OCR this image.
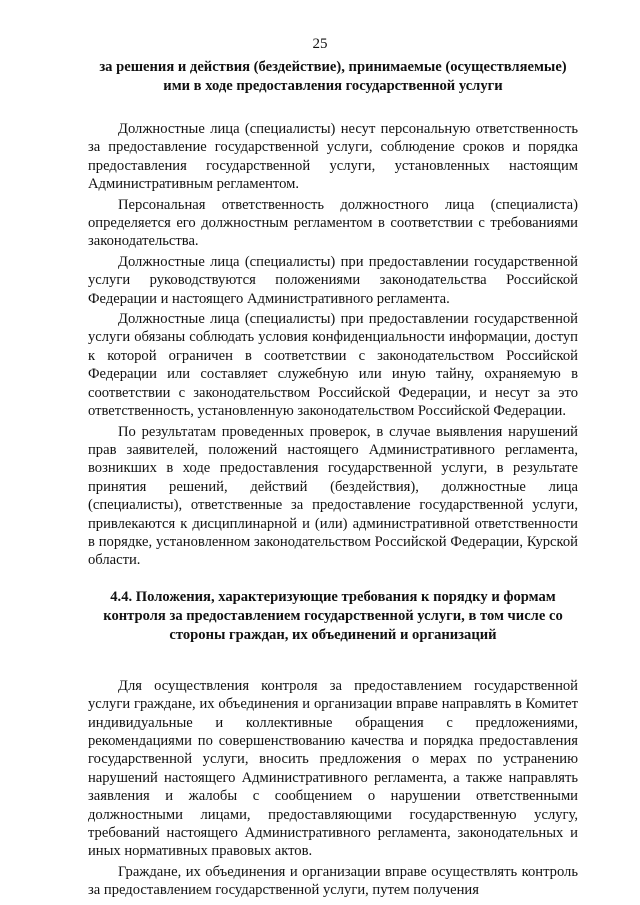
25

за решения и действия (бездействие), принимаемые (осуществляемые) ими в ходе предоставления государственной услуги

Должностные лица (специалисты) несут персональную ответственность за предоставление государственной услуги, соблюдение сроков и порядка предоставления государственной услуги, установленных настоящим Административным регламентом.

Персональная ответственность должностного лица (специалиста) определяется его должностным регламентом в соответствии с требованиями законодательства.

Должностные лица (специалисты) при предоставлении государственной услуги руководствуются положениями законодательства Российской Федерации и настоящего Административного регламента.

Должностные лица (специалисты) при предоставлении государственной услуги обязаны соблюдать условия конфиденциальности информации, доступ к которой ограничен в соответствии с законодательством Российской Федерации или составляет служебную или иную тайну, охраняемую в соответствии с законодательством Российской Федерации, и несут за это ответственность, установленную законодательством Российской Федерации.

По результатам проведенных проверок, в случае выявления нарушений прав заявителей, положений настоящего Административного регламента, возникших в ходе предоставления государственной услуги, в результате принятия решений, действий (бездействия), должностные лица (специалисты), ответственные за предоставление государственной услуги, привлекаются к дисциплинарной и (или) административной ответственности в порядке, установленном законодательством Российской Федерации, Курской области.

4.4. Положения, характеризующие требования к порядку и формам контроля за предоставлением государственной услуги, в том числе со стороны граждан, их объединений и организаций

Для осуществления контроля за предоставлением государственной услуги граждане, их объединения и организации вправе направлять в Комитет индивидуальные и коллективные обращения с предложениями, рекомендациями по совершенствованию качества и порядка предоставления государственной услуги, вносить предложения о мерах по устранению нарушений настоящего Административного регламента, а также направлять заявления и жалобы с сообщением о нарушении ответственными должностными лицами, предоставляющими государственную услугу, требований настоящего Административного регламента, законодательных и иных нормативных правовых актов.

Граждане, их объединения и организации вправе осуществлять контроль за предоставлением государственной услуги, путем получения
